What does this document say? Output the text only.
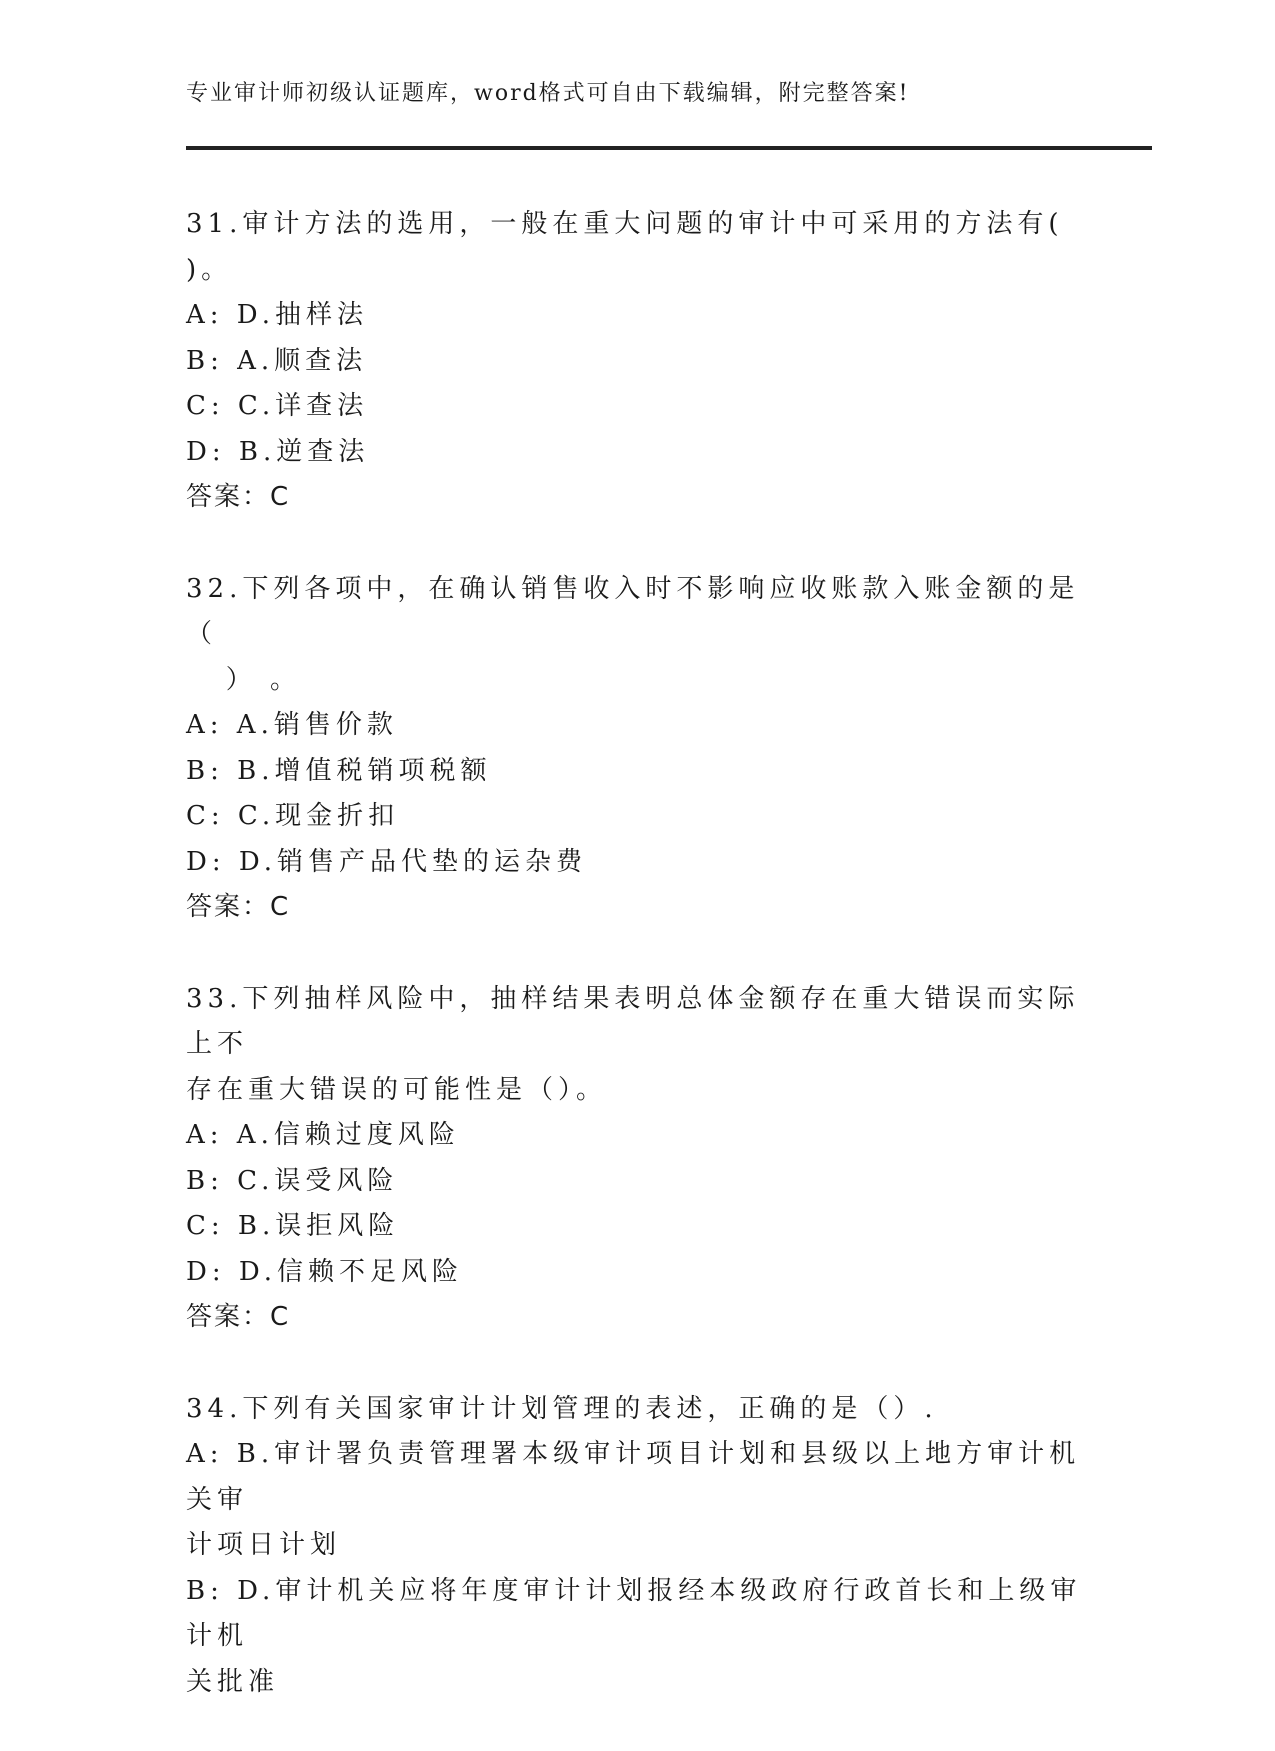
专业审计师初级认证题库，word格式可自由下载编辑，附完整答案!
31.审计方法的选用，一般在重大问题的审计中可采用的方法有( )。
A: D.抽样法
B: A.顺查法
C: C.详查法
D: B.逆查法
答案：C
32.下列各项中，在确认销售收入时不影响应收账款入账金额的是（
） 。
A: A.销售价款
B: B.增值税销项税额
C: C.现金折扣
D: D.销售产品代垫的运杂费
答案：C
33.下列抽样风险中，抽样结果表明总体金额存在重大错误而实际上不
存在重大错误的可能性是（）。
A: A.信赖过度风险
B: C.误受风险
C: B.误拒风险
D: D.信赖不足风险
答案：C
34.下列有关国家审计计划管理的表述，正确的是（）.
A: B.审计署负责管理署本级审计项目计划和县级以上地方审计机关审
计项日计划
B: D.审计机关应将年度审计计划报经本级政府行政首长和上级审计机
关批准
